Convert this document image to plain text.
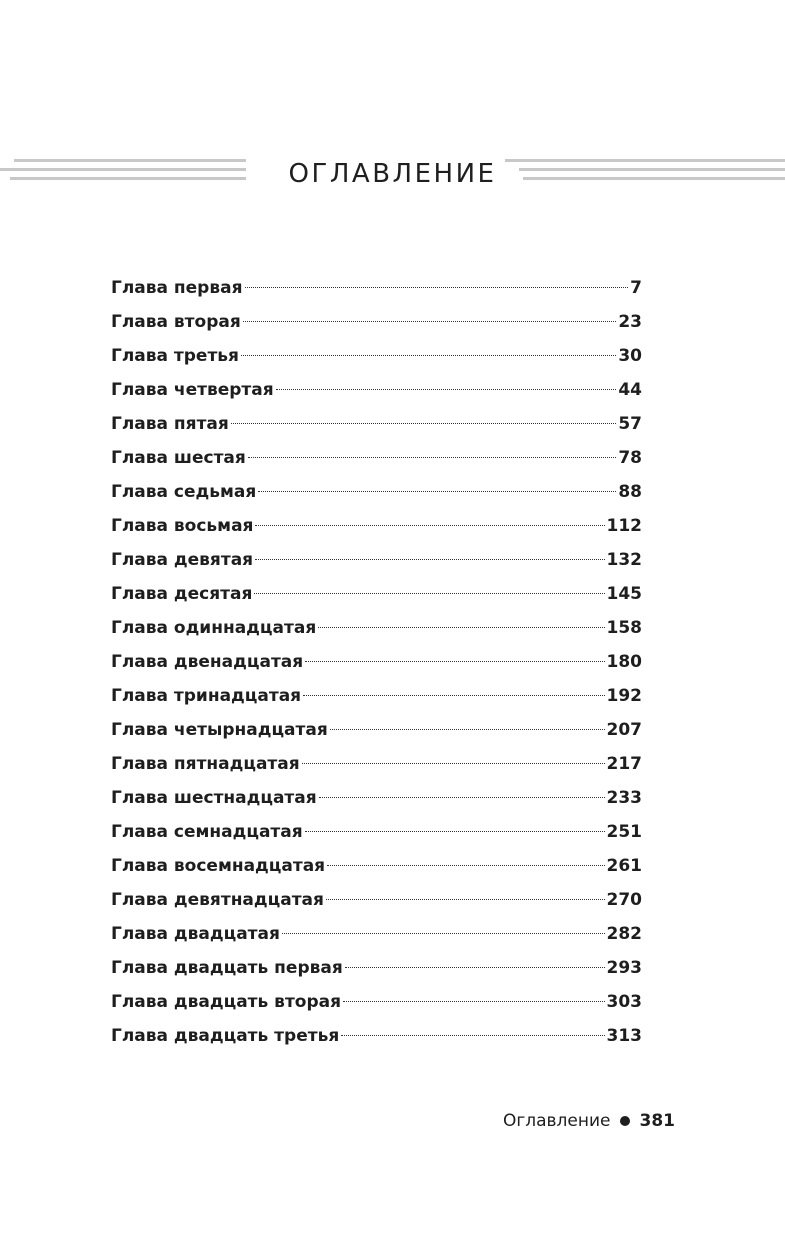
ОГЛАВЛЕНИЕ
Глава первая	7
Глава вторая	23
Глава третья	30
Глава четвертая	44
Глава пятая	57
Глава шестая	78
Глава седьмая	88
Глава восьмая	112
Глава девятая	132
Глава десятая	145
Глава одиннадцатая	158
Глава двенадцатая	180
Глава тринадцатая	192
Глава четырнадцатая	207
Глава пятнадцатая	217
Глава шестнадцатая	233
Глава семнадцатая	251
Глава восемнадцатая	261
Глава девятнадцатая	270
Глава двадцатая	282
Глава двадцать первая	293
Глава двадцать вторая	303
Глава двадцать третья	313
Оглавление 381
